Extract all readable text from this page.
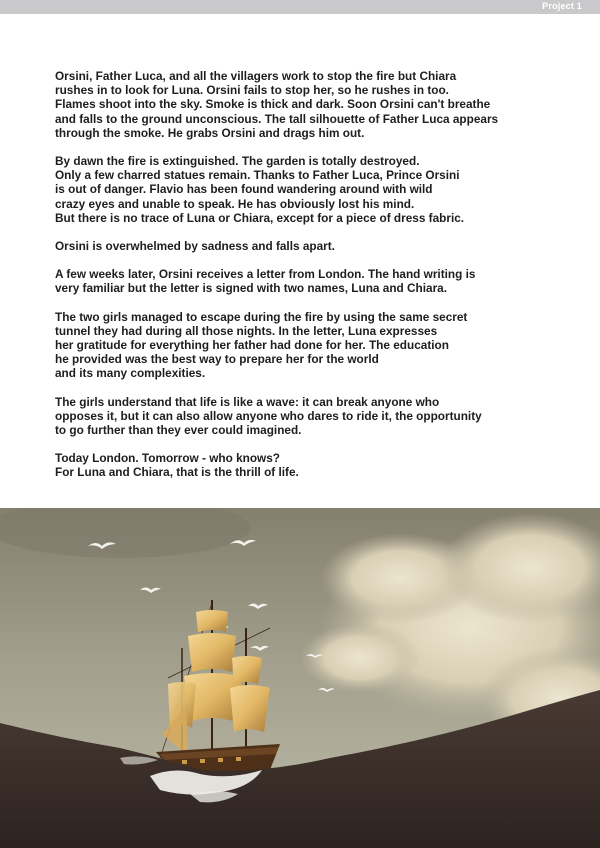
Project 1

Orsini, Father Luca, and all the villagers work to stop the fire but Chiara
rushes in to look for Luna. Orsini fails to stop her, so he rushes in too.
Flames shoot into the sky. Smoke is thick and dark. Soon Orsini can't breathe
and falls to the ground unconscious. The tall silhouette of Father Luca appears
through the smoke. He grabs Orsini and drags him out.

By dawn the fire is extinguished. The garden is totally destroyed.
Only a few charred statues remain. Thanks to Father Luca, Prince Orsini
is out of danger. Flavio has been found wandering around with wild
crazy eyes and unable to speak. He has obviously lost his mind.
But there is no trace of Luna or Chiara, except for a piece of dress fabric.

Orsini is overwhelmed by sadness and falls apart.

A few weeks later, Orsini receives a letter from London. The hand writing is
very familiar but the letter is signed with two names, Luna and Chiara.

The two girls managed to escape during the fire by using the same secret
tunnel they had during all those nights. In the letter, Luna expresses
her gratitude for everything her father had done for her. The education
he provided was the best way to prepare her for the world
and its many complexities.

The girls understand that life is like a wave: it can break anyone who
opposes it, but it can also allow anyone who dares to ride it, the opportunity
to go further than they ever could imagined.

Today London. Tomorrow - who knows?
For Luna and Chiara, that is the thrill of life.
